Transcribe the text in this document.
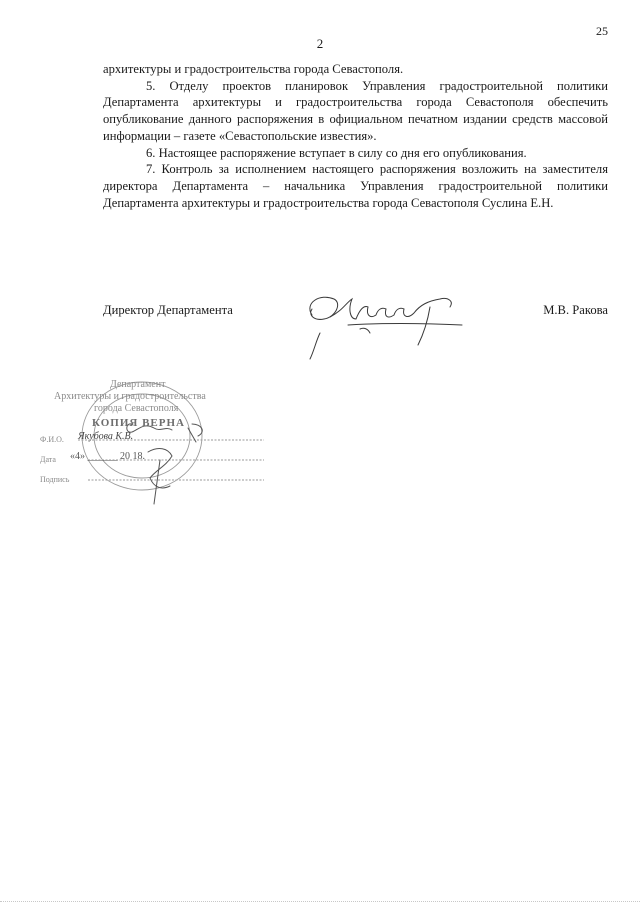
25
2

архитектуры и градостроительства города Севастополя.

5. Отделу проектов планировок Управления градостроительной политики Департамента архитектуры и градостроительства города Севастополя обеспечить опубликование данного распоряжения в официальном печатном издании средств массовой информации – газете «Севастопольские известия».

6. Настоящее распоряжение вступает в силу со дня его опубликования.

7. Контроль за исполнением настоящего распоряжения возложить на заместителя директора Департамента – начальника Управления градостроительной политики Департамента архитектуры и градостроительства города Севастополя Суслина Е.Н.

Директор Департамента	М.В. Ракова
Департамент
Архитектуры и градостроительства
города Севастополя
КОПИЯ ВЕРНА
Ф.И.О. Якубова К.В.
Дата «4» ______ 20 18.
Подпись
